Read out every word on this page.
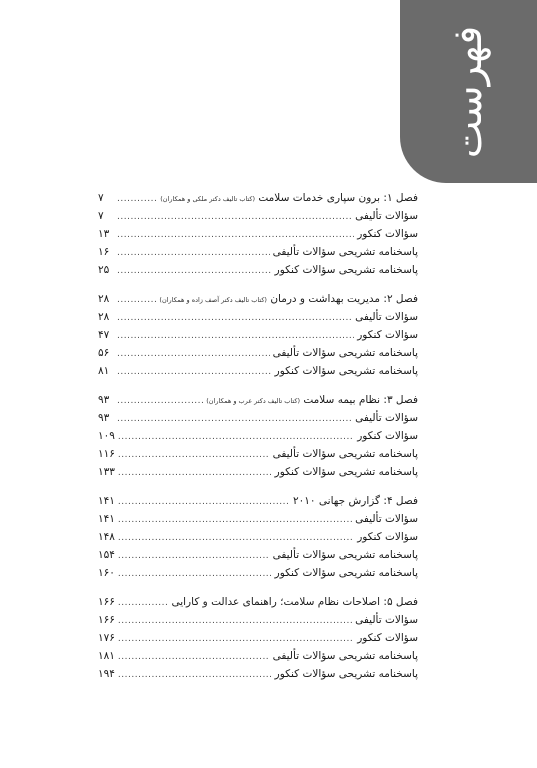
فهرست
فصل ۱: برون سپاری خدمات سلامت (کتاب تالیف دکتر ملکی و همکاران)
.....
۷
سؤالات تألیفی
.....
۷
سؤالات کنکور
.....
۱۳
پاسخنامه تشریحی سؤالات تألیفی
.....
۱۶
پاسخنامه تشریحی سؤالات کنکور
.....
۲۵
فصل ۲: مدیریت بهداشت و درمان (کتاب تالیف دکتر آصف زاده و همکاران)
.....
۲۸
سؤالات تألیفی
.....
۲۸
سؤالات کنکور
.....
۴۷
پاسخنامه تشریحی سؤالات تألیفی
.....
۵۶
پاسخنامه تشریحی سؤالات کنکور
.....
۸۱
فصل ۳: نظام بیمه سلامت (کتاب تالیف دکتر عرب و همکاران)
.....
۹۳
سؤالات تألیفی
.....
۹۳
سؤالات کنکور
.....
۱۰۹
پاسخنامه تشریحی سؤالات تألیفی
.....
۱۱۶
پاسخنامه تشریحی سؤالات کنکور
.....
۱۳۳
فصل ۴: گزارش جهانی ۲۰۱۰
.....
۱۴۱
سؤالات تألیفی
.....
۱۴۱
سؤالات کنکور
.....
۱۴۸
پاسخنامه تشریحی سؤالات تألیفی
.....
۱۵۴
پاسخنامه تشریحی سؤالات کنکور
.....
۱۶۰
فصل ۵: اصلاحات نظام سلامت؛ راهنمای عدالت و کارایی
.....
۱۶۶
سؤالات تألیفی
.....
۱۶۶
سؤالات کنکور
.....
۱۷۶
پاسخنامه تشریحی سؤالات تألیفی
.....
۱۸۱
پاسخنامه تشریحی سؤالات کنکور
.....
۱۹۴
